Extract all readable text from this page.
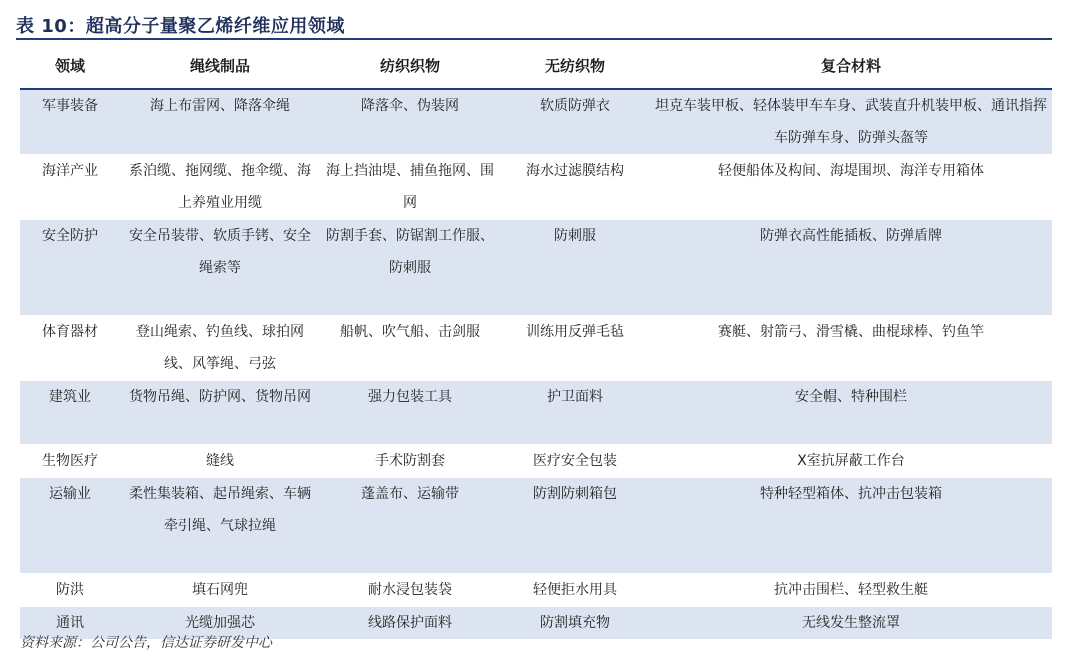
表 10：超高分子量聚乙烯纤维应用领域
领域	绳线制品	纺织织物	无纺织物	复合材料
军事装备	海上布雷网、降落伞绳	降落伞、伪装网	软质防弹衣	坦克车装甲板、轻体装甲车车身、武装直升机装甲板、通讯指挥车防弹车身、防弹头盔等
海洋产业	系泊缆、拖网缆、拖伞缆、海上养殖业用缆	海上挡油堤、捕鱼拖网、围网	海水过滤膜结构	轻便船体及构间、海堤围坝、海洋专用箱体
安全防护	安全吊装带、软质手铐、安全绳索等	防割手套、防锯割工作服、防刺服	防刺服	防弹衣高性能插板、防弹盾牌
体育器材	登山绳索、钓鱼线、球拍网线、风筝绳、弓弦	船帆、吹气船、击剑服	训练用反弹毛毡	赛艇、射箭弓、滑雪橇、曲棍球棒、钓鱼竿
建筑业	货物吊绳、防护网、货物吊网	强力包装工具	护卫面料	安全帽、特种围栏
生物医疗	缝线	手术防割套	医疗安全包装	X室抗屏蔽工作台
运输业	柔性集装箱、起吊绳索、车辆牵引绳、气球拉绳	蓬盖布、运输带	防割防刺箱包	特种轻型箱体、抗冲击包装箱
防洪	填石网兜	耐水浸包装袋	轻便拒水用具	抗冲击围栏、轻型救生艇
通讯	光缆加强芯	线路保护面料	防割填充物	无线发生整流罩
资料来源：公司公告，信达证券研发中心
